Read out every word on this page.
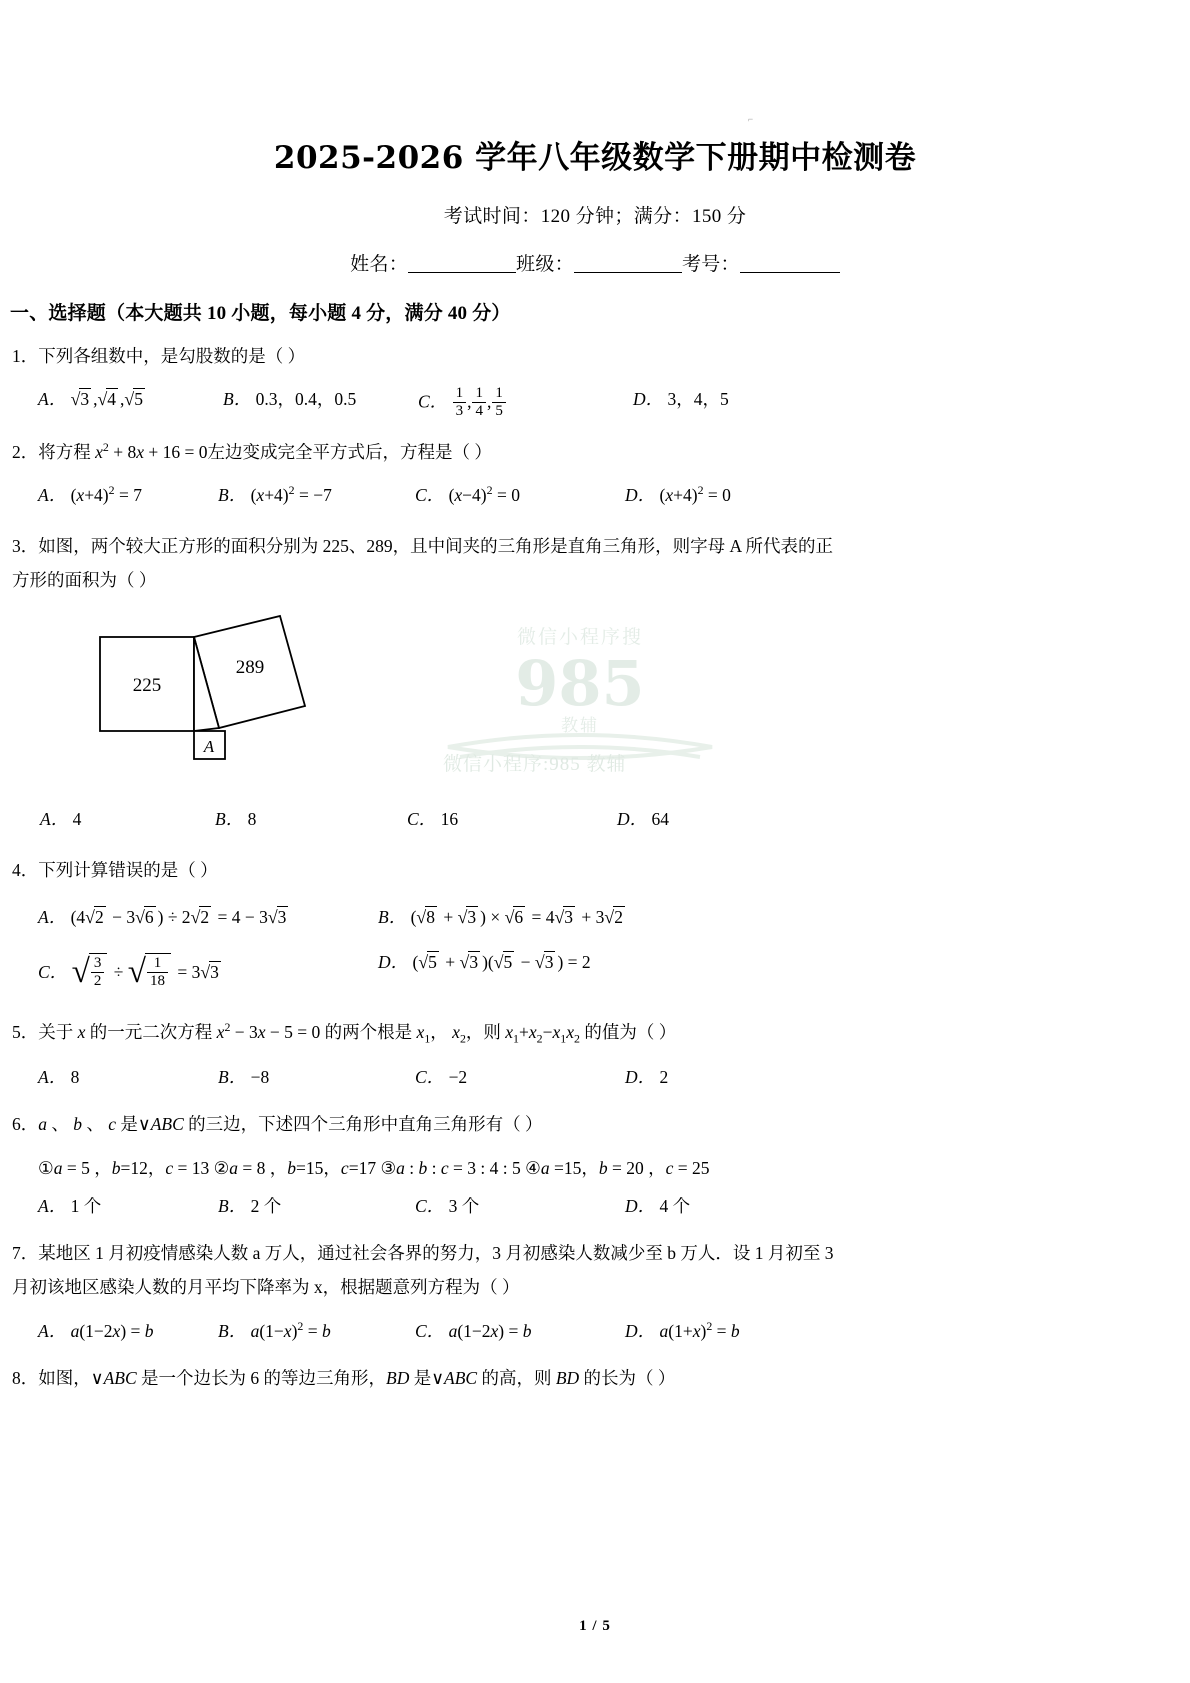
⌐
2025-2026 学年八年级数学下册期中检测卷
考试时间：120 分钟；满分：150 分
姓名：	班级：	考号：
一、选择题（本大题共 10 小题，每小题 4 分，满分 40 分）
1．下列各组数中，是勾股数的是（ ）
A． √3 ,√4 ,√5	B． 0.3，0.4，0.5	C． $\frac{1}{3}$ , $\frac{1}{4}$ , $\frac{1}{5}$	D． 3，4，5
2．将方程 $x^2 + 8x + 16 = 0$左边变成完全平方式后，方程是（ ）
A． $(x+4)^2 = 7$	B． $(x+4)^2 = -7$	C． $(x-4)^2 = 0$	D． $(x+4)^2 = 0$
3．如图，两个较大正方形的面积分别为 225、289，且中间夹的三角形是直角三角形，则字母 A 所代表的正
方形的面积为（ ）
225
289
A
微信小程序搜
985
教辅
微信小程序:985 教辅
A． 4	B． 8	C． 16	D． 64
4．下列计算错误的是（ ）
A． (4√2 − 3√6 ) ÷ 2√2 = 4 − 3√3	B． (√8 + √3 ) × √6 = 4√3 + 3√2
C． √ $\frac{3}{2}$ ÷ √ $\frac{1}{18} = 3√3$	D． (√5 + √3 )(√5 − √3 ) = 2
5．关于 x 的一元二次方程 $x^2 - 3x - 5 = 0$ 的两个根是 $x_1$， $x_2$，则 $x_1+x_2-x_1x_2$ 的值为（ ）
A． 8	B． −8	C． −2	D． 2
6．a 、 b 、 c 是∨ABC 的三边，下述四个三角形中直角三角形有（ ）
①a = 5 ，b=12，c = 13 ②a = 8 ，b=15，c=17 ③a : b : c = 3 : 4 : 5 ④a =15，b = 20 ，c = 25
A． 1 个	B． 2 个	C． 3 个	D． 4 个
7．某地区 1 月初疫情感染人数 a 万人，通过社会各界的努力，3 月初感染人数减少至 b 万人．设 1 月初至 3
月初该地区感染人数的月平均下降率为 x，根据题意列方程为（ ）
A． a(1−2x) = b	B． $a(1-x)^2 = b$	C． a(1−2x) = b	D． $a(1+x)^2 = b$
8．如图，∨ABC 是一个边长为 6 的等边三角形，BD 是∨ABC 的高，则 BD 的长为（ ）
1 / 5
